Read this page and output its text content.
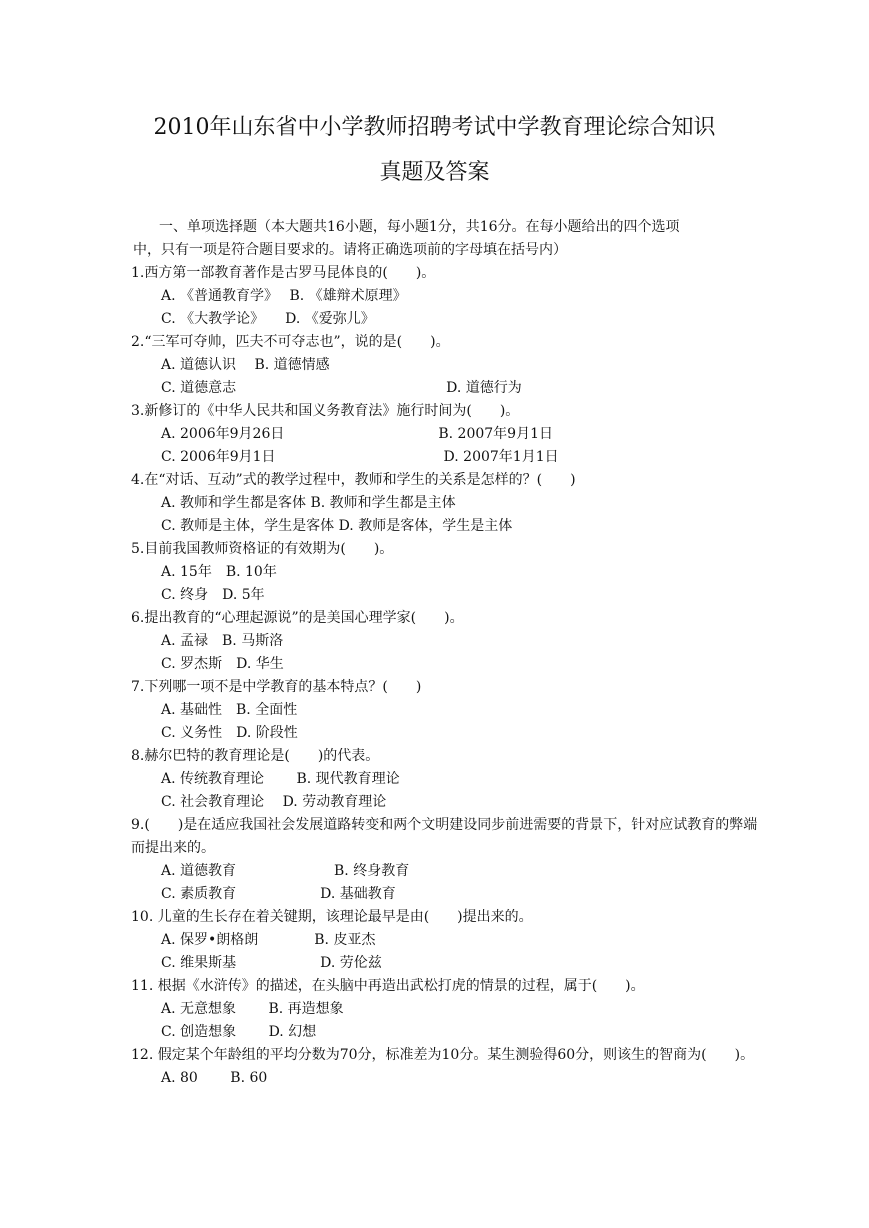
2010年山东省中小学教师招聘考试中学教育理论综合知识
真题及答案
一、单项选择题（本大题共16小题，每小题1分，共16分。在每小题给出的四个选项
中，只有一项是符合题目要求的。请将正确选项前的字母填在括号内）
1.西方第一部教育著作是古罗马昆体良的(　　)。
A. 《普通教育学》　 B. 《雄辩术原理》
C. 《大教学论》　　D. 《爱弥儿》
2.“三军可夺帅，匹夫不可夺志也”，说的是(　　)。
A. 道德认识　 B. 道德情感
C. 道德意志　　　　　　　　　　　　　　　D. 道德行为
3.新修订的《中华人民共和国义务教育法》施行时间为(　　)。
A. 2006年9月26日　　　　　　　　　　　B. 2007年9月1日
C. 2006年9月1日　　　　　　　　　　　　D. 2007年1月1日
4.在“对话、互动”式的教学过程中，教师和学生的关系是怎样的？(　　)
A. 教师和学生都是客体 B. 教师和学生都是主体
C. 教师是主体，学生是客体 D. 教师是客体，学生是主体
5.目前我国教师资格证的有效期为(　　)。
A. 15年　B. 10年
C. 终身　D. 5年
6.提出教育的“心理起源说”的是美国心理学家(　　)。
A. 孟禄　B. 马斯洛
C. 罗杰斯　D. 华生
7.下列哪一项不是中学教育的基本特点？(　　)
A. 基础性　B. 全面性
C. 义务性　D. 阶段性
8.赫尔巴特的教育理论是(　　)的代表。
A. 传统教育理论　　 B. 现代教育理论
C. 社会教育理论　 D. 劳动教育理论
9.(　　)是在适应我国社会发展道路转变和两个文明建设同步前进需要的背景下，针对应试教育的弊端而提出来的。
A. 道德教育　　　　　　　B. 终身教育
C. 素质教育　　　　　　D. 基础教育
10. 儿童的生长存在着关键期，该理论最早是由(　　)提出来的。
A. 保罗•朗格朗　　　　B. 皮亚杰
C. 维果斯基　　　　　　D. 劳伦兹
11. 根据《水浒传》的描述，在头脑中再造出武松打虎的情景的过程，属于(　　)。
A. 无意想象　　 B. 再造想象
C. 创造想象　　 D. 幻想
12. 假定某个年龄组的平均分数为70分，标准差为10分。某生测验得60分，则该生的智商为(　　)。
A. 80　　 B. 60
